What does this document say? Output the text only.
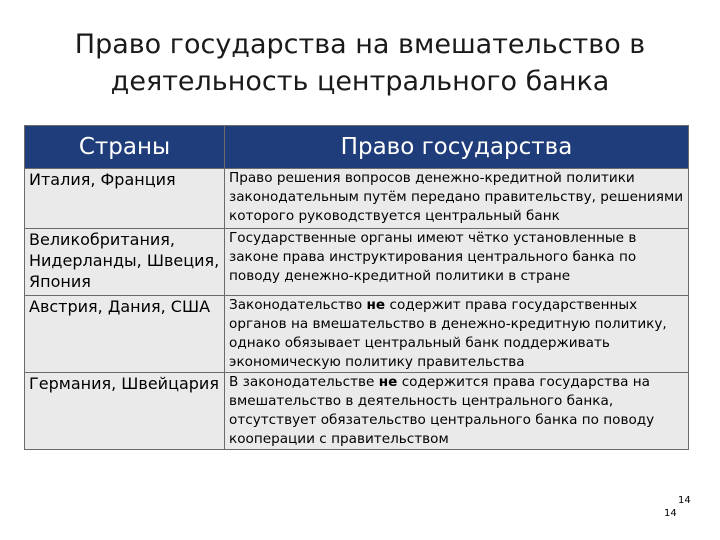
Право государства на вмешательство в
деятельность центрального банка
Страны	Право государства
Италия, Франция	Право решения вопросов денежно-кредитной политики законодательным путём передано правительству, решениями которого руководствуется центральный банк
Великобритания, Нидерланды, Швеция, Япония	Государственные органы имеют чётко установленные в законе права инструктирования центрального банка по поводу денежно-кредитной политики в стране
Австрия, Дания, США	Законодательство не содержит права государственных органов на вмешательство в денежно-кредитную политику, однако обязывает центральный банк поддерживать экономическую политику правительства
Германия, Швейцария	В законодательстве не содержится права государства на вмешательство в деятельность центрального банка, отсутствует обязательство центрального банка по поводу кооперации с правительством
14
14
